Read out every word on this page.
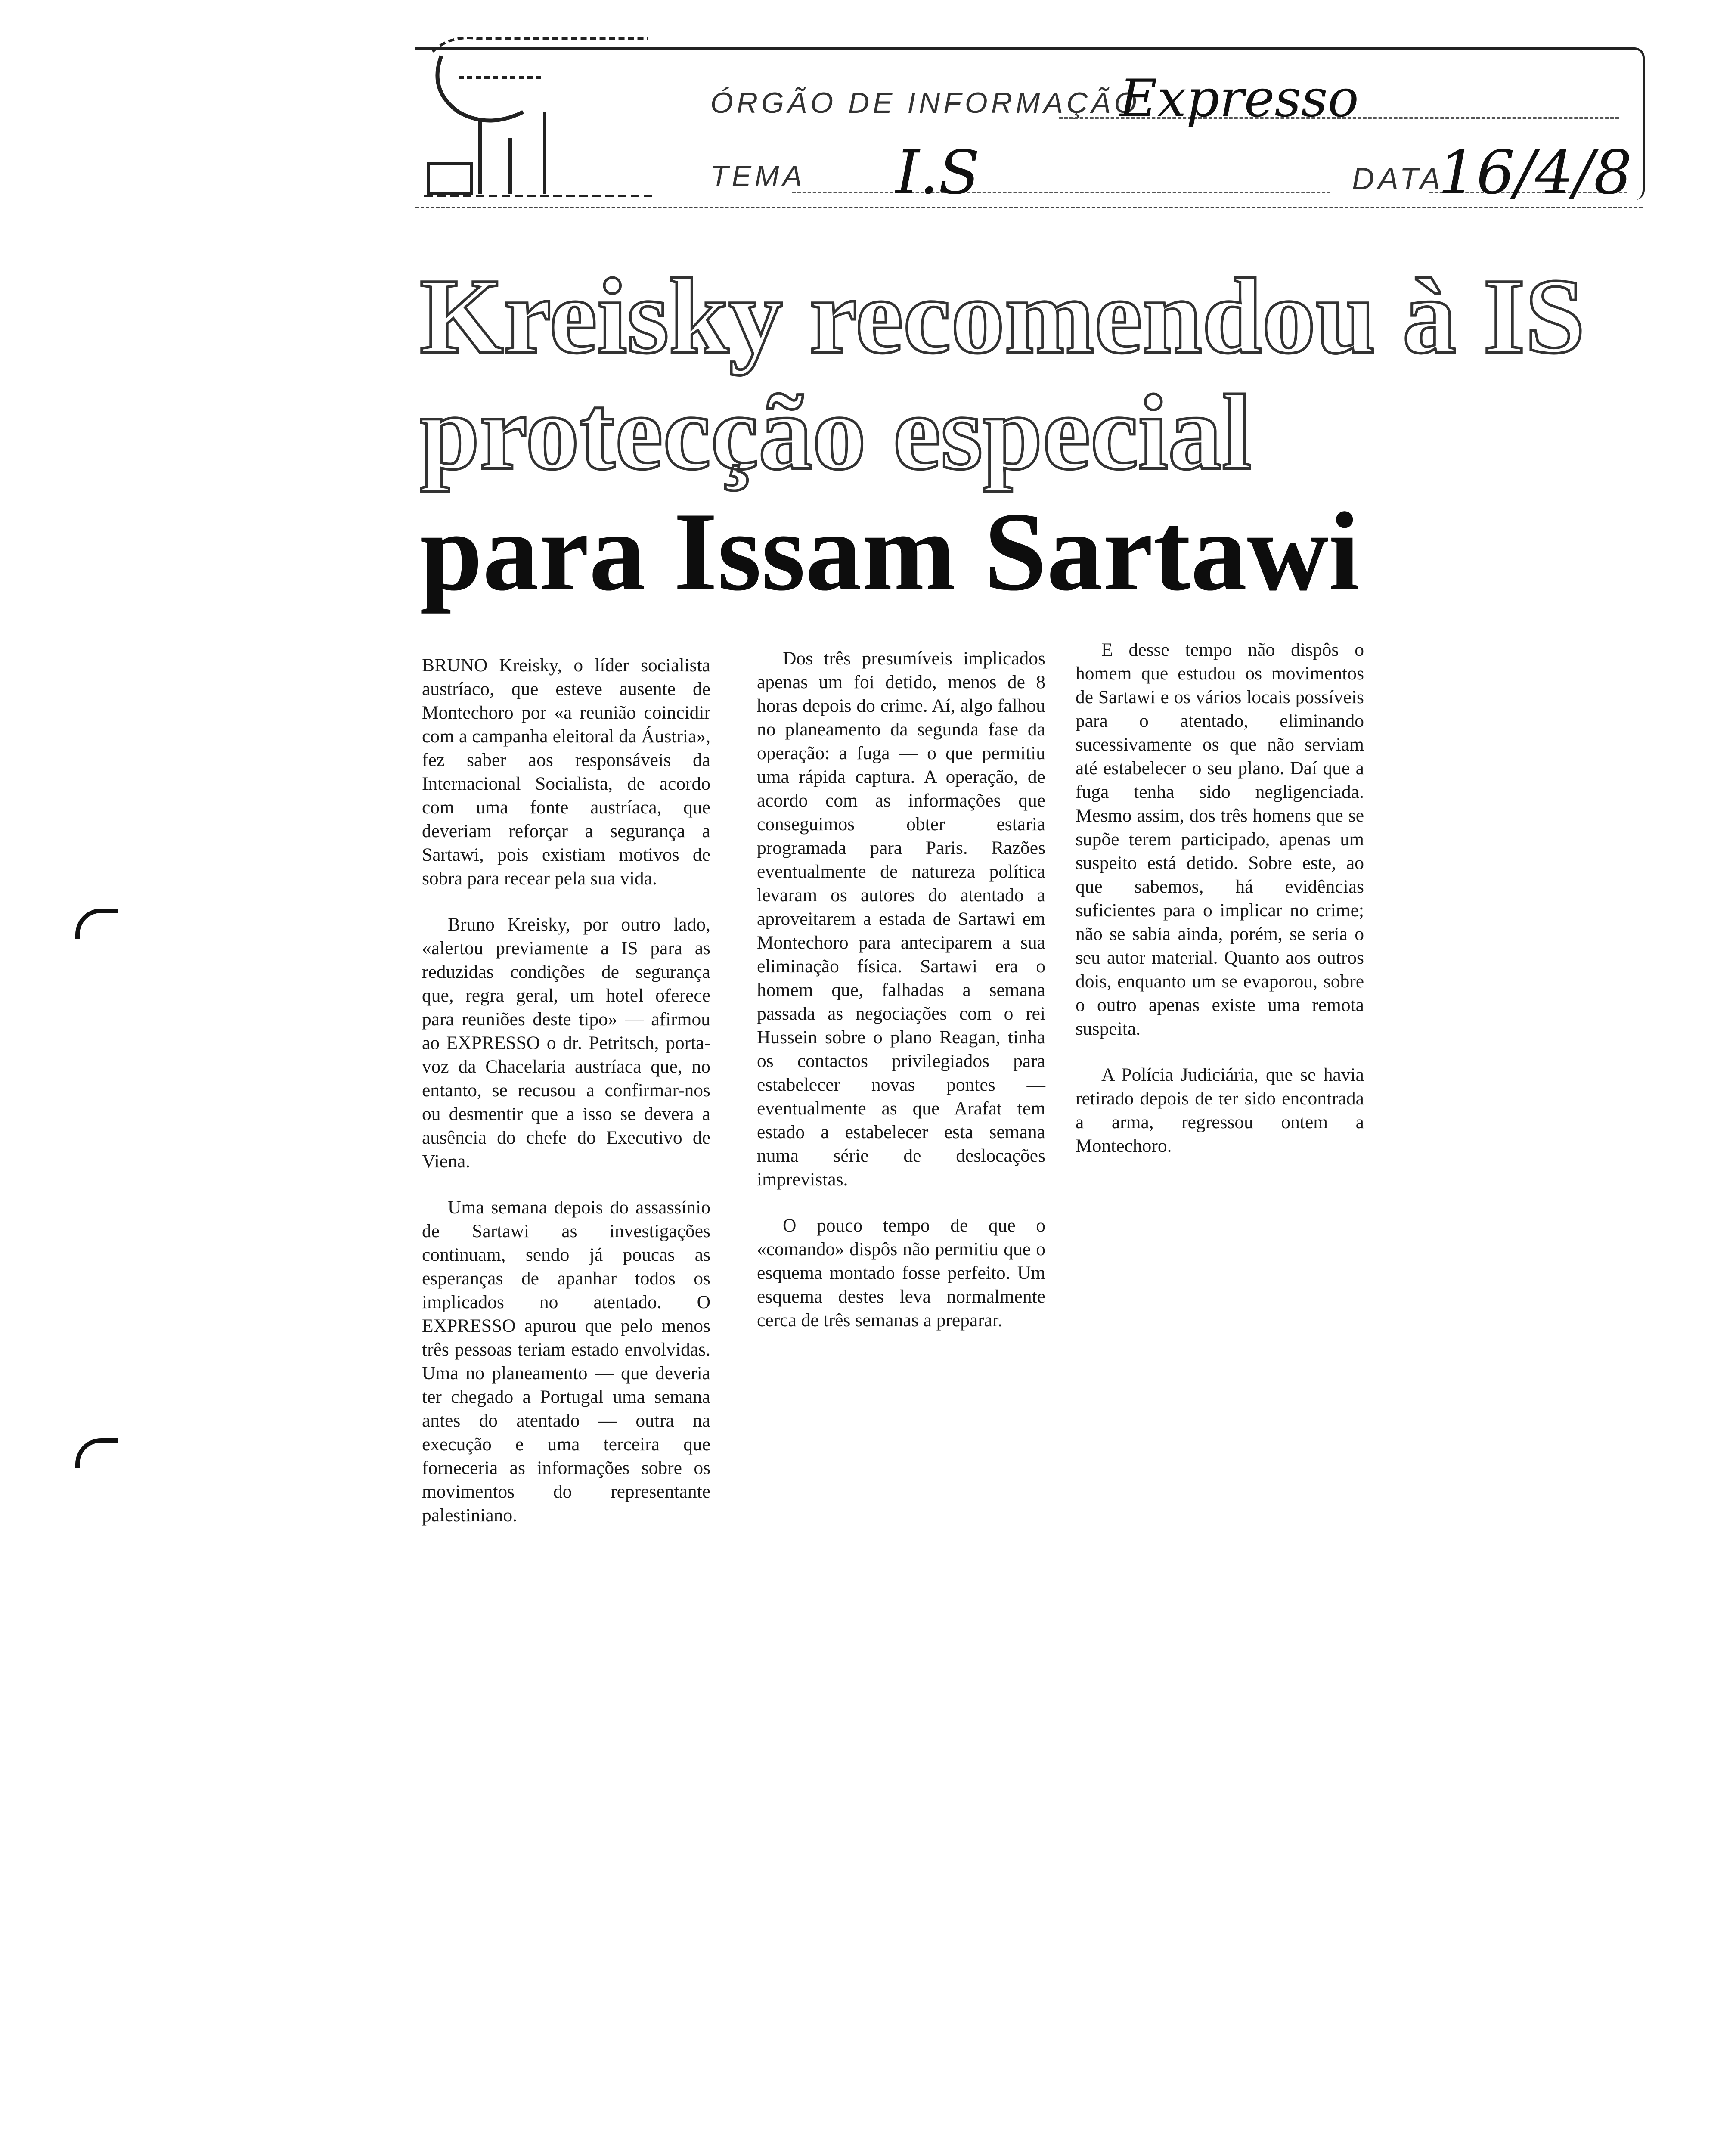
ÓRGÃO DE INFORMAÇÃO
Expresso
TEMA I.S	DATA
16/4/8
Kreisky recomendou à IS
protecção especial
para Issam Sartawi

BRUNO Kreisky, o líder socialista austríaco, que esteve ausente de Montechoro por «a reunião coincidir com a campanha eleitoral da Áustria», fez saber aos responsáveis da Internacional Socialista, de acordo com uma fonte austríaca, que deveriam reforçar a segurança a Sartawi, pois existiam motivos de sobra para recear pela sua vida.

Bruno Kreisky, por outro lado, «alertou previamente a IS para as reduzidas condições de segurança que, regra geral, um hotel oferece para reuniões deste tipo» — afirmou ao EXPRESSO o dr. Petritsch, porta-voz da Chacelaria austríaca que, no entanto, se recusou a confirmar-nos ou desmentir que a isso se devera a ausência do chefe do Executivo de Viena.

Uma semana depois do assassínio de Sartawi as investigações continuam, sendo já poucas as esperanças de apanhar todos os implicados no atentado. O EXPRESSO apurou que pelo menos três pessoas teriam estado envolvidas. Uma no planeamento — que deveria ter chegado a Portugal uma semana antes do atentado — outra na execução e uma terceira que forneceria as informações sobre os movimentos do representante palestiniano.

Dos três presumíveis implicados apenas um foi detido, menos de 8 horas depois do crime. Aí, algo falhou no planeamento da segunda fase da operação: a fuga — o que permitiu uma rápida captura. A operação, de acordo com as informações que conseguimos obter estaria programada para Paris. Razões eventualmente de natureza política levaram os autores do atentado a aproveitarem a estada de Sartawi em Montechoro para anteciparem a sua eliminação física. Sartawi era o homem que, falhadas a semana passada as negociações com o rei Hussein sobre o plano Reagan, tinha os contactos privilegiados para estabelecer novas pontes — eventualmente as que Arafat tem estado a estabelecer esta semana numa série de deslocações imprevistas.

O pouco tempo de que o «comando» dispôs não permitiu que o esquema montado fosse perfeito. Um esquema destes leva normalmente cerca de três semanas a preparar.

E desse tempo não dispôs o homem que estudou os movimentos de Sartawi e os vários locais possíveis para o atentado, eliminando sucessivamente os que não serviam até estabelecer o seu plano. Daí que a fuga tenha sido negligenciada. Mesmo assim, dos três homens que se supõe terem participado, apenas um suspeito está detido. Sobre este, ao que sabemos, há evidências suficientes para o implicar no crime; não se sabia ainda, porém, se seria o seu autor material. Quanto aos outros dois, enquanto um se evaporou, sobre o outro apenas existe uma remota suspeita.

A Polícia Judiciária, que se havia retirado depois de ter sido encontrada a arma, regressou ontem a Montechoro.
